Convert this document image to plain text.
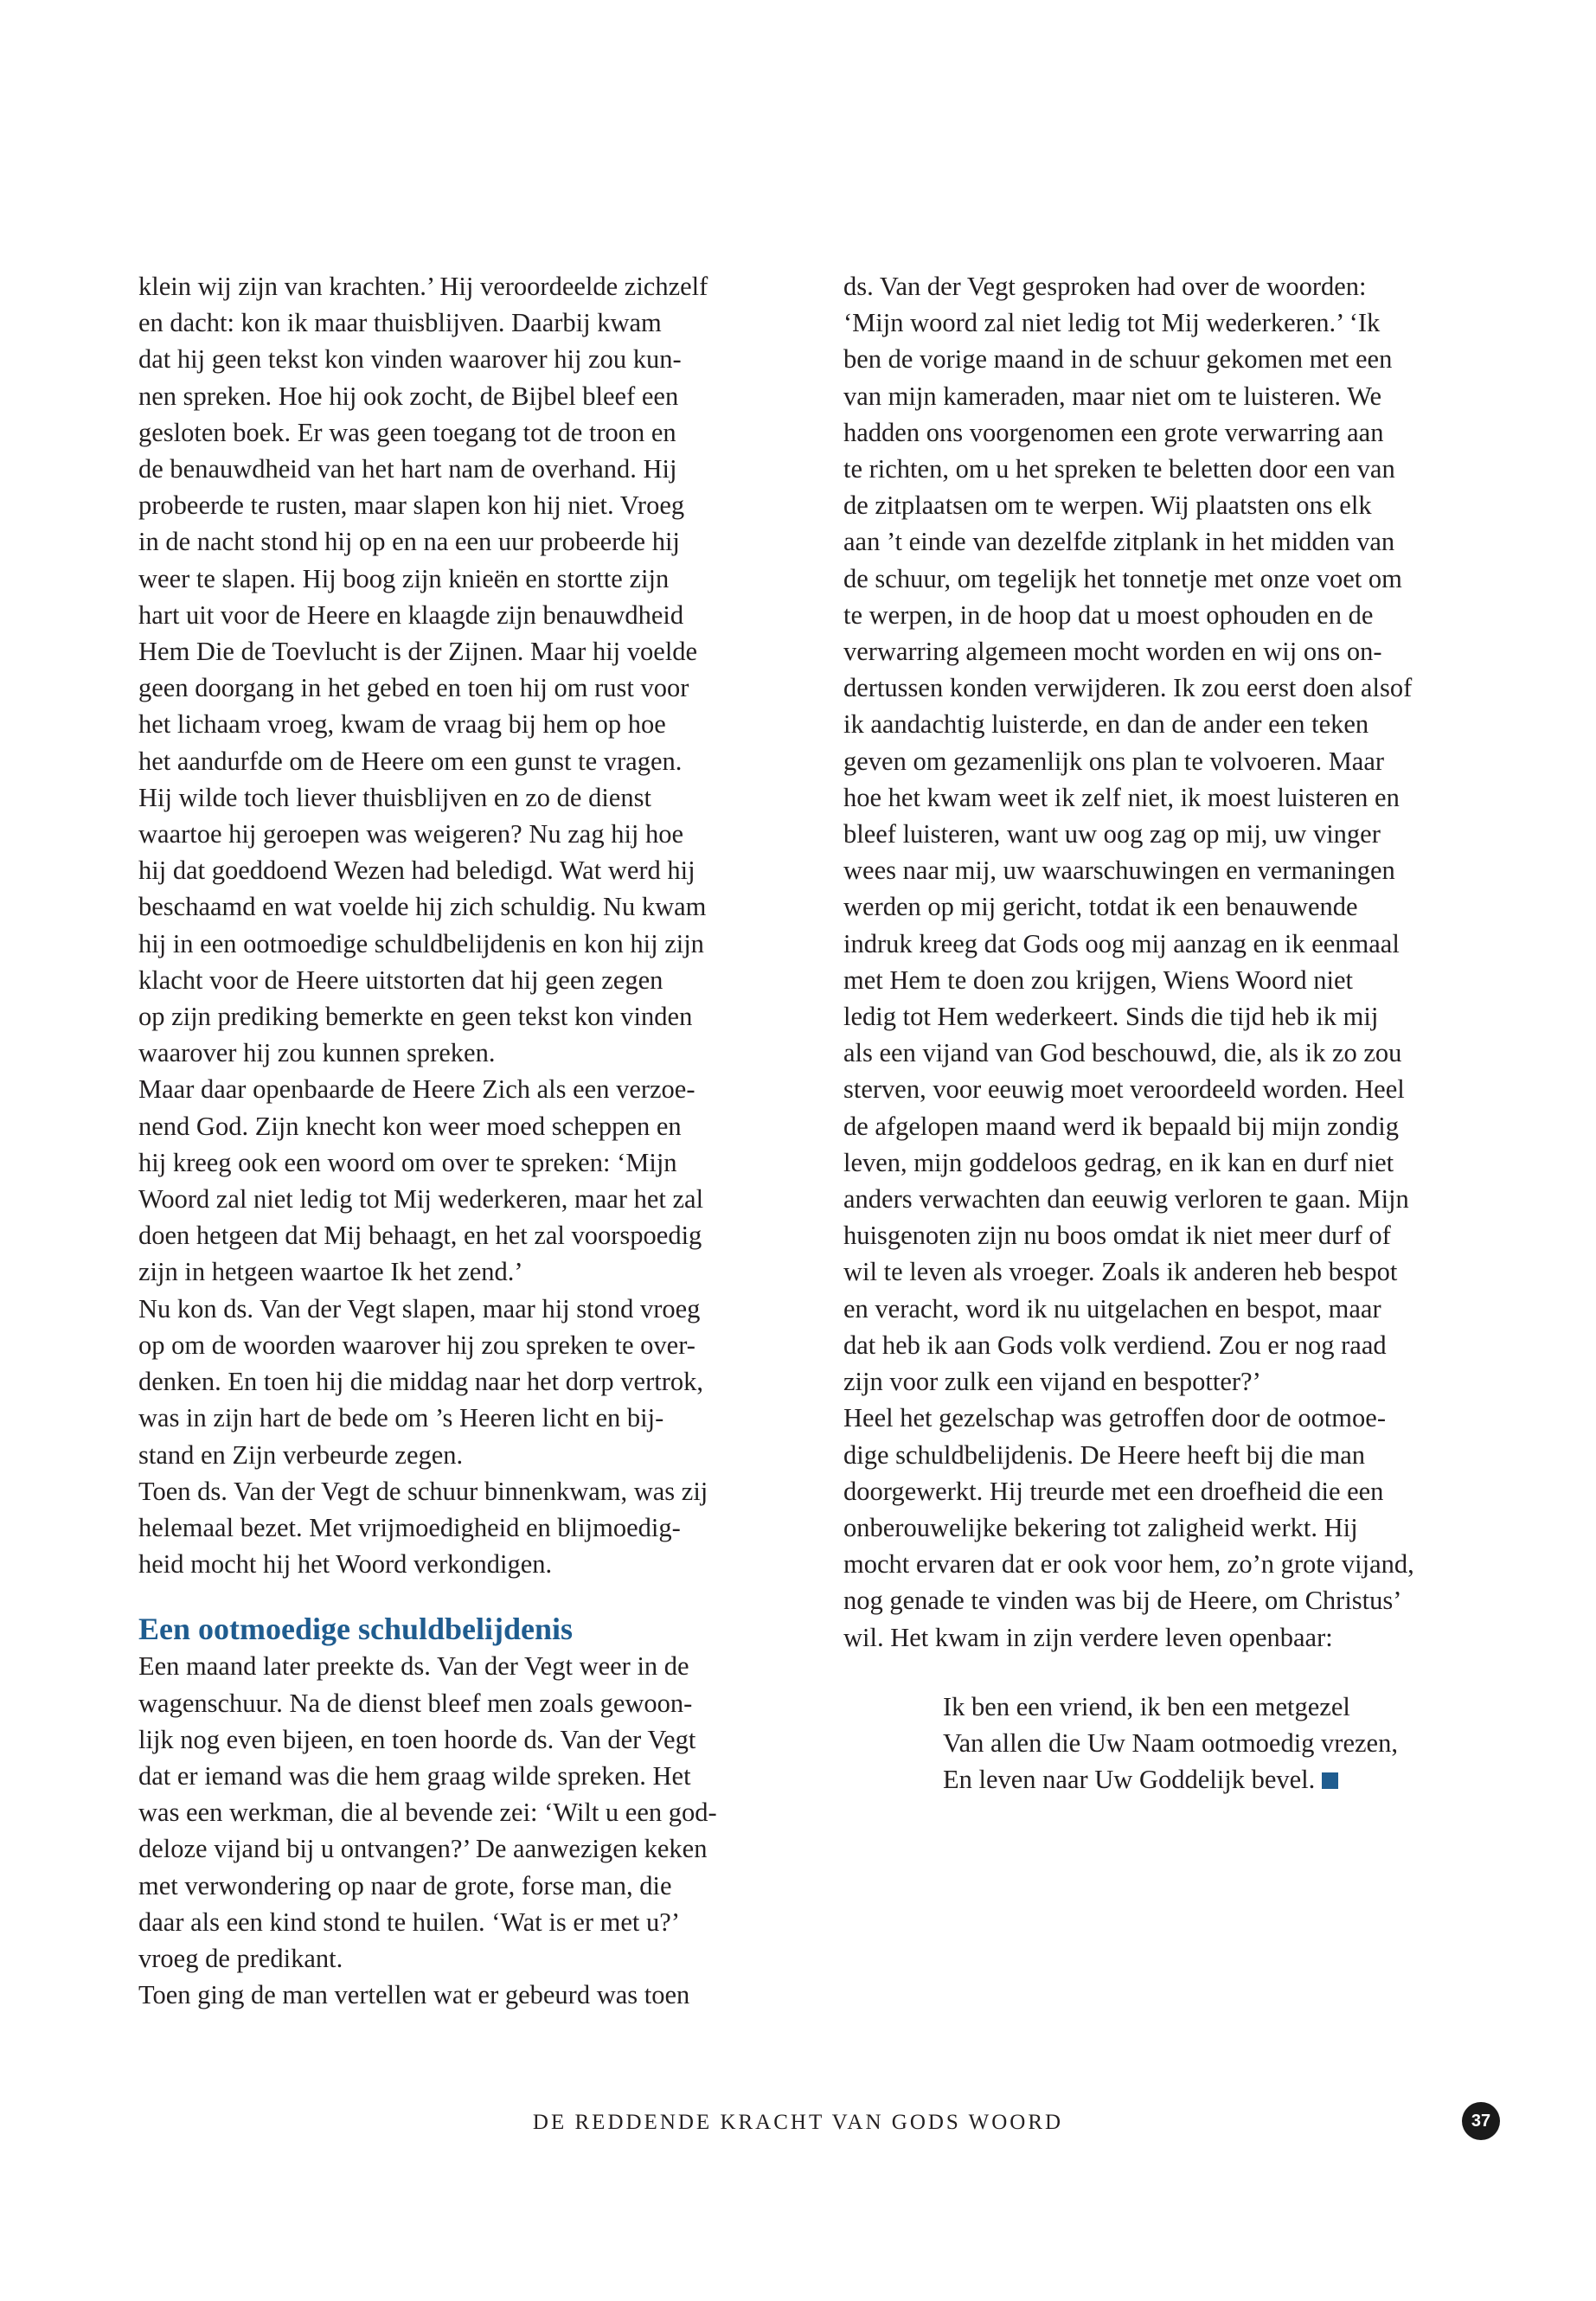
klein wij zijn van krachten.’ Hij veroordeelde zichzelf
en dacht: kon ik maar thuisblijven. Daarbij kwam
dat hij geen tekst kon vinden waarover hij zou kun-
nen spreken. Hoe hij ook zocht, de Bijbel bleef een
gesloten boek. Er was geen toegang tot de troon en
de benauwdheid van het hart nam de overhand. Hij
probeerde te rusten, maar slapen kon hij niet. Vroeg
in de nacht stond hij op en na een uur probeerde hij
weer te slapen. Hij boog zijn knieën en stortte zijn
hart uit voor de Heere en klaagde zijn benauwdheid
Hem Die de Toevlucht is der Zijnen. Maar hij voelde
geen doorgang in het gebed en toen hij om rust voor
het lichaam vroeg, kwam de vraag bij hem op hoe
het aandurfde om de Heere om een gunst te vragen.
Hij wilde toch liever thuisblijven en zo de dienst
waartoe hij geroepen was weigeren? Nu zag hij hoe
hij dat goeddoend Wezen had beledigd. Wat werd hij
beschaamd en wat voelde hij zich schuldig. Nu kwam
hij in een ootmoedige schuldbelijdenis en kon hij zijn
klacht voor de Heere uitstorten dat hij geen zegen
op zijn prediking bemerkte en geen tekst kon vinden
waarover hij zou kunnen spreken.
Maar daar openbaarde de Heere Zich als een verzoe-
nend God. Zijn knecht kon weer moed scheppen en
hij kreeg ook een woord om over te spreken: ‘Mijn
Woord zal niet ledig tot Mij wederkeren, maar het zal
doen hetgeen dat Mij behaagt, en het zal voorspoedig
zijn in hetgeen waartoe Ik het zend.’
Nu kon ds. Van der Vegt slapen, maar hij stond vroeg
op om de woorden waarover hij zou spreken te over-
denken. En toen hij die middag naar het dorp vertrok,
was in zijn hart de bede om ’s Heeren licht en bij-
stand en Zijn verbeurde zegen.
Toen ds. Van der Vegt de schuur binnenkwam, was zij
helemaal bezet. Met vrijmoedigheid en blijmoedig-
heid mocht hij het Woord verkondigen.
Een ootmoedige schuldbelijdenis
Een maand later preekte ds. Van der Vegt weer in de
wagenschuur. Na de dienst bleef men zoals gewoon-
lijk nog even bijeen, en toen hoorde ds. Van der Vegt
dat er iemand was die hem graag wilde spreken. Het
was een werkman, die al bevende zei: ‘Wilt u een god-
deloze vijand bij u ontvangen?’ De aanwezigen keken
met verwondering op naar de grote, forse man, die
daar als een kind stond te huilen. ‘Wat is er met u?’
vroeg de predikant.
Toen ging de man vertellen wat er gebeurd was toen
ds. Van der Vegt gesproken had over de woorden:
‘Mijn woord zal niet ledig tot Mij wederkeren.’ ‘Ik
ben de vorige maand in de schuur gekomen met een
van mijn kameraden, maar niet om te luisteren. We
hadden ons voorgenomen een grote verwarring aan
te richten, om u het spreken te beletten door een van
de zitplaatsen om te werpen. Wij plaatsten ons elk
aan ’t einde van dezelfde zitplank in het midden van
de schuur, om tegelijk het tonnetje met onze voet om
te werpen, in de hoop dat u moest ophouden en de
verwarring algemeen mocht worden en wij ons on-
dertussen konden verwijderen. Ik zou eerst doen alsof
ik aandachtig luisterde, en dan de ander een teken
geven om gezamenlijk ons plan te volvoeren. Maar
hoe het kwam weet ik zelf niet, ik moest luisteren en
bleef luisteren, want uw oog zag op mij, uw vinger
wees naar mij, uw waarschuwingen en vermaningen
werden op mij gericht, totdat ik een benauwende
indruk kreeg dat Gods oog mij aanzag en ik eenmaal
met Hem te doen zou krijgen, Wiens Woord niet
ledig tot Hem wederkeert. Sinds die tijd heb ik mij
als een vijand van God beschouwd, die, als ik zo zou
sterven, voor eeuwig moet veroordeeld worden. Heel
de afgelopen maand werd ik bepaald bij mijn zondig
leven, mijn goddeloos gedrag, en ik kan en durf niet
anders verwachten dan eeuwig verloren te gaan. Mijn
huisgenoten zijn nu boos omdat ik niet meer durf of
wil te leven als vroeger. Zoals ik anderen heb bespot
en veracht, word ik nu uitgelachen en bespot, maar
dat heb ik aan Gods volk verdiend. Zou er nog raad
zijn voor zulk een vijand en bespotter?’
Heel het gezelschap was getroffen door de ootmoe-
dige schuldbelijdenis. De Heere heeft bij die man
doorgewerkt. Hij treurde met een droefheid die een
onberouwelijke bekering tot zaligheid werkt. Hij
mocht ervaren dat er ook voor hem, zo’n grote vijand,
nog genade te vinden was bij de Heere, om Christus’
wil. Het kwam in zijn verdere leven openbaar:
Ik ben een vriend, ik ben een metgezel
Van allen die Uw Naam ootmoedig vrezen,
En leven naar Uw Goddelijk bevel.
DE REDDENDE KRACHT VAN GODS WOORD	37
